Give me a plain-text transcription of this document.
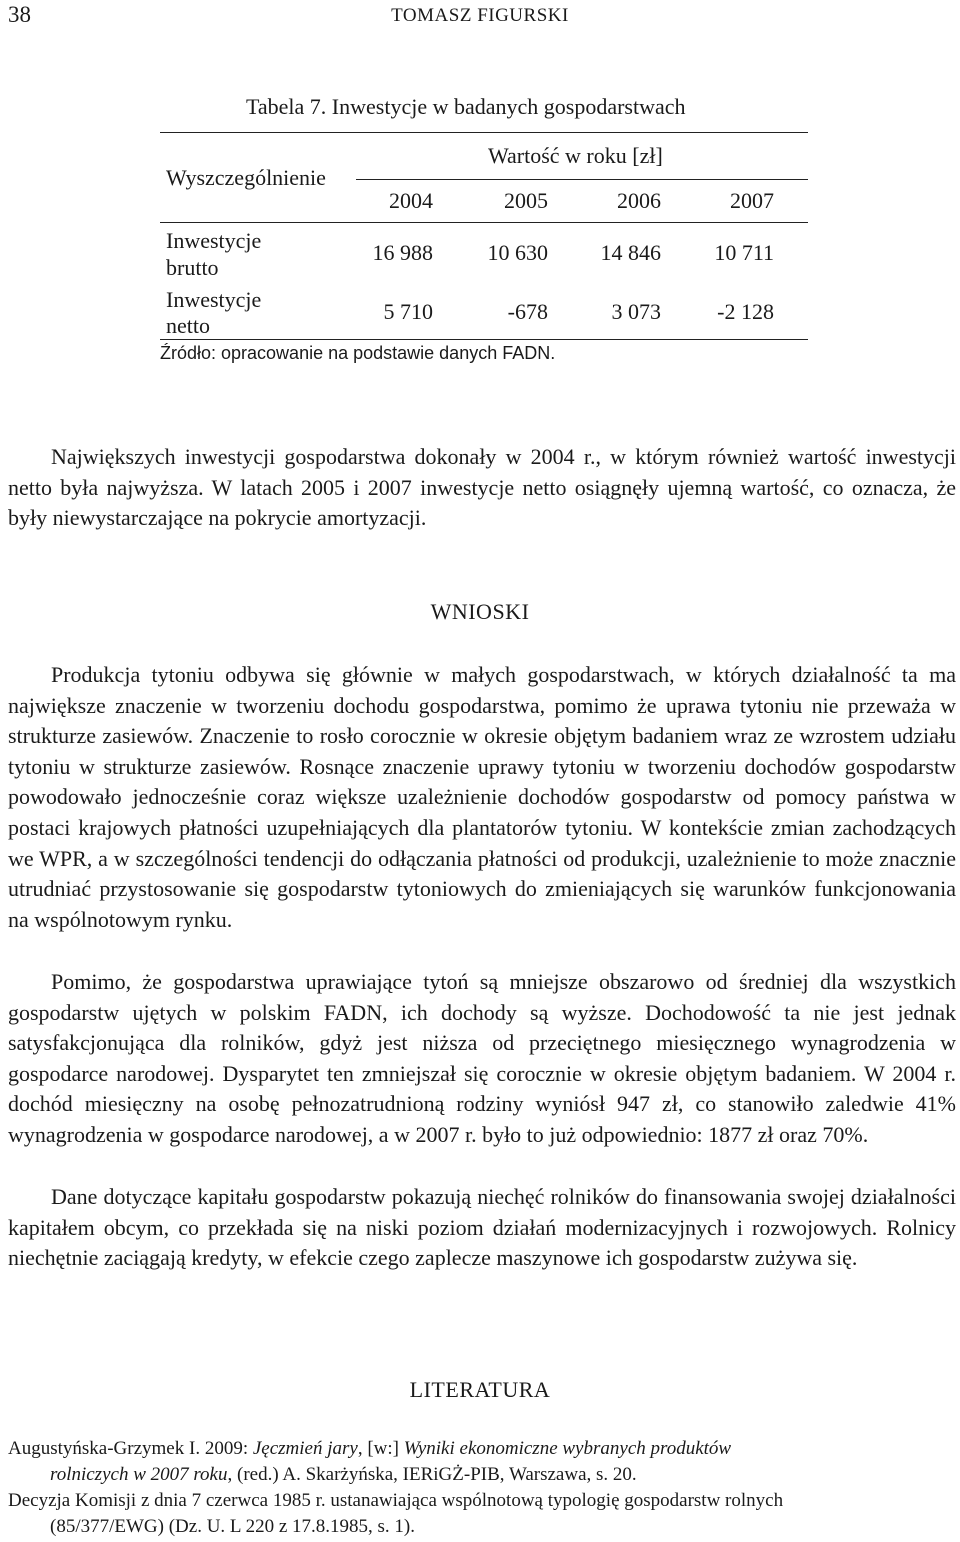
38	TOMASZ FIGURSKI
Tabela 7. Inwestycje w badanych gospodarstwach
Wyszczególnienie
Wartość w roku [zł]
2004	2005	2006	2007
Inwestycje
brutto
16 988	10 630	14 846	10 711
Inwestycje
netto
5 710	-678	3 073	-2 128
Źródło: opracowanie na podstawie danych FADN.

Największych inwestycji gospodarstwa dokonały w 2004 r., w którym również wartość inwestycji netto była najwyższa. W latach 2005 i 2007 inwestycje netto osiągnęły ujemną wartość, co oznacza, że były niewystarczające na pokrycie amortyzacji.

WNIOSKI

Produkcja tytoniu odbywa się głównie w małych gospodarstwach, w których działalność ta ma największe znaczenie w tworzeniu dochodu gospodarstwa, pomimo że uprawa tytoniu nie przeważa w strukturze zasiewów. Znaczenie to rosło corocznie w okresie objętym badaniem wraz ze wzrostem udziału tytoniu w strukturze zasiewów. Rosnące znaczenie uprawy tytoniu w tworzeniu dochodów gospodarstw powodowało jednocześnie coraz większe uzależnienie dochodów gospodarstw od pomocy państwa w postaci krajowych płatności uzupełniających dla plantatorów tytoniu. W kontekście zmian zachodzących we WPR, a w szczególności tendencji do odłączania płatności od produkcji, uzależnienie to może znacznie utrudniać przystosowanie się gospodarstw tytoniowych do zmieniających się warunków funkcjonowania na wspólnotowym rynku.

Pomimo, że gospodarstwa uprawiające tytoń są mniejsze obszarowo od średniej dla wszystkich gospodarstw ujętych w polskim FADN, ich dochody są wyższe. Dochodowość ta nie jest jednak satysfakcjonująca dla rolników, gdyż jest niższa od przeciętnego miesięcznego wynagrodzenia w gospodarce narodowej. Dysparytet ten zmniejszał się corocznie w okresie objętym badaniem. W 2004 r. dochód miesięczny na osobę pełnozatrudnioną rodziny wyniósł 947 zł, co stanowiło zaledwie 41% wynagrodzenia w gospodarce narodowej, a w 2007 r. było to już odpowiednio: 1877 zł oraz 70%.

Dane dotyczące kapitału gospodarstw pokazują niechęć rolników do finansowania swojej działalności kapitałem obcym, co przekłada się na niski poziom działań modernizacyjnych i rozwojowych. Rolnicy niechętnie zaciągają kredyty, w efekcie czego zaplecze maszynowe ich gospodarstw zużywa się.

LITERATURA

Augustyńska-Grzymek I. 2009: Jęczmień jary, [w:] Wyniki ekonomiczne wybranych produktów
rolniczych w 2007 roku, (red.) A. Skarżyńska, IERiGŻ-PIB, Warszawa, s. 20.

Decyzja Komisji z dnia 7 czerwca 1985 r. ustanawiająca wspólnotową typologię gospodarstw rolnych
(85/377/EWG) (Dz. U. L 220 z 17.8.1985, s. 1).
